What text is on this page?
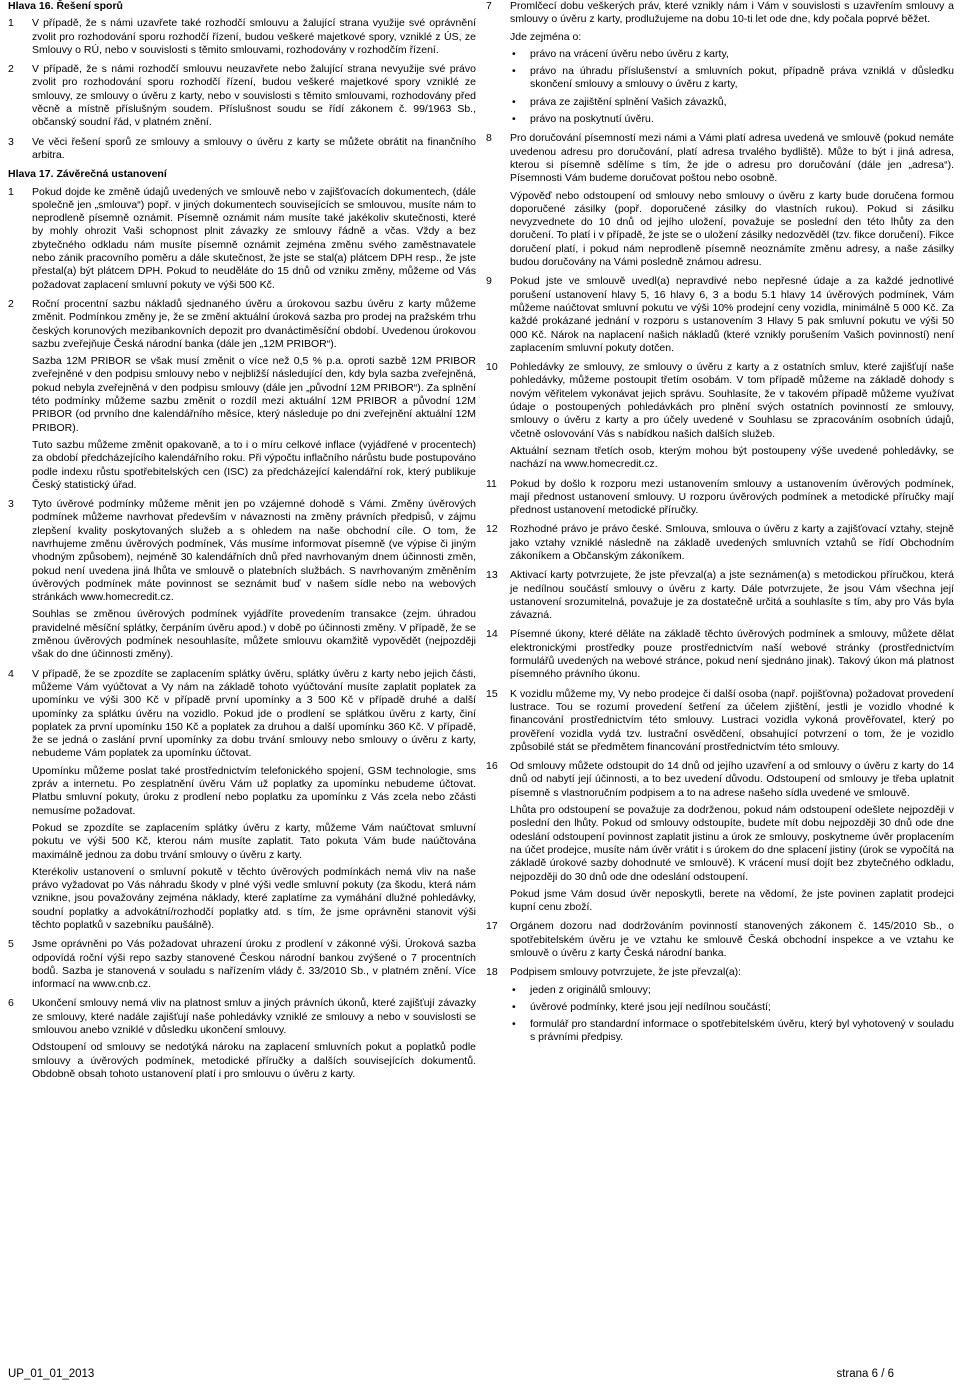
Hlava 16. Řešení sporů

1	V případě, že s námi uzavřete také rozhodčí smlouvu a žalující strana využije své oprávnění zvolit pro rozhodování sporu rozhodčí řízení, budou veškeré majetkové spory, vzniklé z ÚS, ze Smlouvy o RÚ, nebo v souvislosti s těmito smlouvami, rozhodovány v rozhodčím řízení.

2	V případě, že s námi rozhodčí smlouvu neuzavřete nebo žalující strana nevyužije své právo zvolit pro rozhodování sporu rozhodčí řízení, budou veškeré majetkové spory vzniklé ze smlouvy, ze smlouvy o úvěru z karty, nebo v souvislosti s těmito smlouvami, rozhodovány před věcně a místně příslušným soudem. Příslušnost soudu se řídí zákonem č. 99/1963 Sb., občanský soudní řád, v platném znění.

3	Ve věci řešení sporů ze smlouvy a smlouvy o úvěru z karty se můžete obrátit na finančního arbitra.

Hlava 17. Závěrečná ustanovení

1	Pokud dojde ke změně údajů uvedených ve smlouvě nebo v zajišťovacích dokumentech, (dále společně jen „smlouva“) popř. v jiných dokumentech souvisejících se smlouvou, musíte nám to neprodleně písemně oznámit. Písemně oznámit nám musíte také jakékoliv skutečnosti, které by mohly ohrozit Vaši schopnost plnit závazky ze smlouvy řádně a včas. Vždy a bez zbytečného odkladu nám musíte písemně oznámit zejména změnu svého zaměstnavatele nebo zánik pracovního poměru a dále skutečnost, že jste se stal(a) plátcem DPH resp., že jste přestal(a) být plátcem DPH. Pokud to neuděláte do 15 dnů od vzniku změny, můžeme od Vás požadovat zaplacení smluvní pokuty ve výši 500 Kč.

2	Roční procentní sazbu nákladů sjednaného úvěru a úrokovou sazbu úvěru z karty můžeme změnit. Podmínkou změny je, že se změní aktuální úroková sazba pro prodej na pražském trhu českých korunových mezibankovních depozit pro dvanáctiměsíční období. Uvedenou úrokovou sazbu zveřejňuje Česká národní banka (dále jen „12M PRIBOR“).

Sazba 12M PRIBOR se však musí změnit o více než 0,5 % p.a. oproti sazbě 12M PRIBOR zveřejněné v den podpisu smlouvy nebo v nejbližší následující den, kdy byla sazba zveřejněná, pokud nebyla zveřejněná v den podpisu smlouvy (dále jen „původní 12M PRIBOR“). Za splnění této podmínky můžeme sazbu změnit o rozdíl mezi aktuální 12M PRIBOR a původní 12M PRIBOR (od prvního dne kalendářního měsíce, který následuje po dni zveřejnění aktuální 12M PRIBOR).

Tuto sazbu můžeme změnit opakovaně, a to i o míru celkové inflace (vyjádřené v procentech) za období předcházejícího kalendářního roku. Při výpočtu inflačního nárůstu bude postupováno podle indexu růstu spotřebitelských cen (ISC) za předcházející kalendářní rok, který publikuje Český statistický úřad.

3	Tyto úvěrové podmínky můžeme měnit jen po vzájemné dohodě s Vámi. Změny úvěrových podmínek můžeme navrhovat především v návaznosti na změny právních předpisů, v zájmu zlepšení kvality poskytovaných služeb a s ohledem na naše obchodní cíle. O tom, že navrhujeme změnu úvěrových podmínek, Vás musíme informovat písemně (ve výpise či jiným vhodným způsobem), nejméně 30 kalendářních dnů před navrhovaným dnem účinnosti změn, pokud není uvedena jiná lhůta ve smlouvě o platebních službách. S navrhovaným změněním úvěrových podmínek máte povinnost se seznámit buď v našem sídle nebo na webových stránkách www.homecredit.cz.

Souhlas se změnou úvěrových podmínek vyjádříte provedením transakce (zejm. úhradou pravidelné měsíční splátky, čerpáním úvěru apod.) v době po účinnosti změny. V případě, že se změnou úvěrových podmínek nesouhlasíte, můžete smlouvu okamžitě vypovědět (nejpozději však do dne účinnosti změny).

4	V případě, že se zpozdíte se zaplacením splátky úvěru, splátky úvěru z karty nebo jejich části, můžeme Vám vyúčtovat a Vy nám na základě tohoto vyúčtování musíte zaplatit poplatek za upomínku ve výši 300 Kč v případě první upomínky a 3 500 Kč v případě druhé a další upomínky za splátku úvěru na vozidlo. Pokud jde o prodlení se splátkou úvěru z karty, činí poplatek za první upomínku 150 Kč a poplatek za druhou a další upomínku 360 Kč. V případě, že se jedná o zaslání první upomínky za dobu trvání smlouvy nebo smlouvy o úvěru z karty, nebudeme Vám poplatek za upomínku účtovat.

Upomínku můžeme poslat také prostřednictvím telefonického spojení, GSM technologie, sms zpráv a internetu. Po zesplatnění úvěru Vám už poplatky za upomínku nebudeme účtovat. Platbu smluvní pokuty, úroku z prodlení nebo poplatku za upomínku z Vás zcela nebo zčásti nemusíme požadovat.

Pokud se zpozdíte se zaplacením splátky úvěru z karty, můžeme Vám naúčtovat smluvní pokutu ve výši 500 Kč, kterou nám musíte zaplatit. Tato pokuta Vám bude naúčtována maximálně jednou za dobu trvání smlouvy o úvěru z karty.

Kterékoliv ustanovení o smluvní pokutě v těchto úvěrových podmínkách nemá vliv na naše právo vyžadovat po Vás náhradu škody v plné výši vedle smluvní pokuty (za škodu, která nám vznikne, jsou považovány zejména náklady, které zaplatíme za vymáhání dlužné pohledávky, soudní poplatky a advokátní/rozhodčí poplatky atd. s tím, že jsme oprávněni stanovit výši těchto poplatků v sazebníku paušálně).

5	Jsme oprávněni po Vás požadovat uhrazení úroku z prodlení v zákonné výši. Úroková sazba odpovídá roční výši repo sazby stanovené Českou národní bankou zvýšené o 7 procentních bodů. Sazba je stanovená v souladu s nařízením vlády č. 33/2010 Sb., v platném znění. Více informací na www.cnb.cz.

6	Ukončení smlouvy nemá vliv na platnost smluv a jiných právních úkonů, které zajišťují závazky ze smlouvy, které nadále zajišťují naše pohledávky vzniklé ze smlouvy a nebo v souvislosti se smlouvou anebo vzniklé v důsledku ukončení smlouvy.

Odstoupení od smlouvy se nedotýká nároku na zaplacení smluvních pokut a poplatků podle smlouvy a úvěrových podmínek, metodické příručky a dalších souvisejících dokumentů. Obdobně obsah tohoto ustanovení platí i pro smlouvu o úvěru z karty.

7	Promlčecí dobu veškerých práv, které vznikly nám i Vám v souvislosti s uzavřením smlouvy a smlouvy o úvěru z karty, prodlužujeme na dobu 10-ti let ode dne, kdy počala poprvé běžet.

Jde zejména o:

• právo na vrácení úvěru nebo úvěru z karty,
• právo na úhradu příslušenství a smluvních pokut, případně práva vzniklá v důsledku skončení smlouvy a smlouvy o úvěru z karty,
• práva ze zajištění splnění Vašich závazků,
• právo na poskytnutí úvěru.
8	Pro doručování písemností mezi námi a Vámi platí adresa uvedená ve smlouvě (pokud nemáte uvedenou adresu pro doručování, platí adresa trvalého bydliště). Může to být i jiná adresa, kterou si písemně sdělíme s tím, že jde o adresu pro doručování (dále jen „adresa“). Písemnosti Vám budeme doručovat poštou nebo osobně.

Výpověď nebo odstoupení od smlouvy nebo smlouvy o úvěru z karty bude doručena formou doporučené zásilky (popř. doporučené zásilky do vlastních rukou). Pokud si zásilku nevyzvednete do 10 dnů od jejího uložení, považuje se poslední den této lhůty za den doručení. To platí i v případě, že jste se o uložení zásilky nedozvěděl (tzv. fikce doručení). Fikce doručení platí, i pokud nám neprodleně písemně neoznámíte změnu adresy, a naše zásilky budou doručovány na Vámi posledně známou adresu.

9	Pokud jste ve smlouvě uvedl(a) nepravdivé nebo nepřesné údaje a za každé jednotlivé porušení ustanovení hlavy 5, 16 hlavy 6, 3 a bodu 5.1 hlavy 14 úvěrových podmínek, Vám můžeme naúčtovat smluvní pokutu ve výši 10% prodejní ceny vozidla, minimálně 5 000 Kč. Za každé prokázané jednání v rozporu s ustanovením 3 Hlavy 5 pak smluvní pokutu ve výši 50 000 Kč. Nárok na naplacení našich nákladů (které vznikly porušením Vašich povinností) není zaplacením smluvní pokuty dotčen.

10	Pohledávky ze smlouvy, ze smlouvy o úvěru z karty a z ostatních smluv, které zajišťují naše pohledávky, můžeme postoupit třetím osobám. V tom případě můžeme na základě dohody s novým věřitelem vykonávat jejich správu. Souhlasíte, že v takovém případě můžeme využívat údaje o postoupených pohledávkách pro plnění svých ostatních povinností ze smlouvy, smlouvy o úvěru z karty a pro účely uvedené v Souhlasu se zpracováním osobních údajů, včetně oslovování Vás s nabídkou našich dalších služeb.

Aktuální seznam třetích osob, kterým mohou být postoupeny výše uvedené pohledávky, se nachází na www.homecredit.cz.

11	Pokud by došlo k rozporu mezi ustanovením smlouvy a ustanovením úvěrových podmínek, mají přednost ustanovení smlouvy. U rozporu úvěrových podmínek a metodické příručky mají přednost ustanovení metodické příručky.

12	Rozhodné právo je právo české. Smlouva, smlouva o úvěru z karty a zajišťovací vztahy, stejně jako vztahy vzniklé následně na základě uvedených smluvních vztahů se řídí Obchodním zákoníkem a Občanským zákoníkem.

13	Aktivací karty potvrzujete, že jste převzal(a) a jste seznámen(a) s metodickou příručkou, která je nedílnou součástí smlouvy o úvěru z karty. Dále potvrzujete, že jsou Vám všechna její ustanovení srozumitelná, považuje je za dostatečně určitá a souhlasíte s tím, aby pro Vás byla závazná.

14	Písemné úkony, které děláte na základě těchto úvěrových podmínek a smlouvy, můžete dělat elektronickými prostředky pouze prostřednictvím naší webové stránky (prostřednictvím formulářů uvedených na webové stránce, pokud není sjednáno jinak). Takový úkon má platnost písemného právního úkonu.

15	K vozidlu můžeme my, Vy nebo prodejce či další osoba (např. pojišťovna) požadovat provedení lustrace. Tou se rozumí provedení šetření za účelem zjištění, jestli je vozidlo vhodné k financování prostřednictvím této smlouvy. Lustraci vozidla vykoná prověřovatel, který po prověření vozidla vydá tzv. lustrační osvědčení, obsahující potvrzení o tom, že je vozidlo způsobilé stát se předmětem financování prostřednictvím této smlouvy.

16	Od smlouvy můžete odstoupit do 14 dnů od jejího uzavření a od smlouvy o úvěru z karty do 14 dnů od nabytí její účinnosti, a to bez uvedení důvodu. Odstoupení od smlouvy je třeba uplatnit písemně s vlastnoručním podpisem a to na adrese našeho sídla uvedené ve smlouvě.

Lhůta pro odstoupení se považuje za dodrženou, pokud nám odstoupení odešlete nejpozději v poslední den lhůty. Pokud od smlouvy odstoupíte, budete mít dobu nejpozději 30 dnů ode dne odeslání odstoupení povinnost zaplatit jistinu a úrok ze smlouvy, poskytneme úvěr proplacením na účet prodejce, musíte nám úvěr vrátit i s úrokem do dne splacení jistiny (úrok se vypočítá na základě úrokové sazby dohodnuté ve smlouvě). K vrácení musí dojít bez zbytečného odkladu, nejpozději do 30 dnů ode dne odeslání odstoupení.

Pokud jsme Vám dosud úvěr neposkytli, berete na vědomí, že jste povinen zaplatit prodejci kupní cenu zboží.

17	Orgánem dozoru nad dodržováním povinností stanovených zákonem č. 145/2010 Sb., o spotřebitelském úvěru je ve vztahu ke smlouvě Česká obchodní inspekce a ve vztahu ke smlouvě o úvěru z karty Česká národní banka.

18	Podpisem smlouvy potvrzujete, že jste převzal(a):

• jeden z originálů smlouvy;
• úvěrové podmínky, které jsou její nedílnou součástí;
• formulář pro standardní informace o spotřebitelském úvěru, který byl vyhotovený v souladu s právními předpisy.
UP_01_01_2013	strana 6 / 6
